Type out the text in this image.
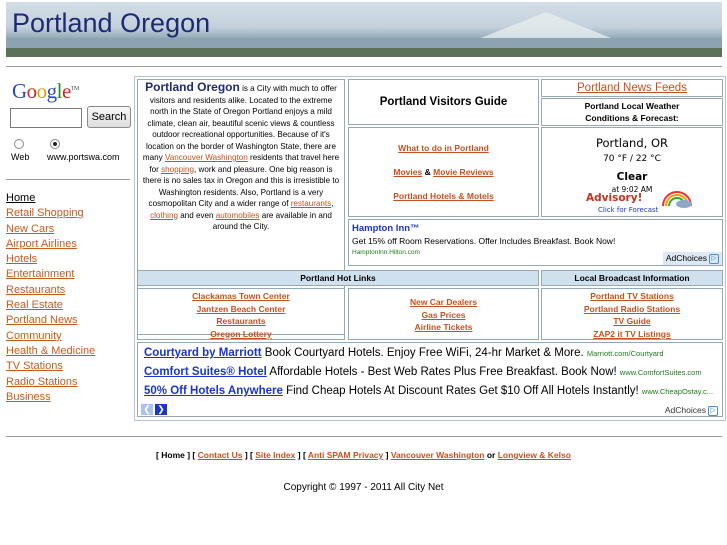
Portland Oregon
Google™
Search
Web www.portswa.com
Home
Retail Shopping
New Cars
Airport Airlines
Hotels
Entertainment
Restaurants
Real Estate
Portland News
Community
Health & Medicine
TV Stations
Radio Stations
Business
Portland Oregon is a City with much to offer visitors and residents alike. Located to the extreme north in the State of Oregon Portland enjoys a mild climate, clean air, beautiful scenic views & countless outdoor recreational opportunities. Because of it's location on the border of Washington State, there are many Vancouver Washington residents that travel here for shopping, work and pleasure. One big reason is there is no sales tax in Oregon and this is irresistible to Washington residents. Also, Portland is a very cosmopolitan City and a wider range of restaurants, clothing and even automobiles are available in and around the City.
Portland Visitors Guide
What to do in Portland
Movies & Movie Reviews
Portland Hotels & Motels
Portland News Feeds
Portland Local Weather
Conditions & Forecast:
Portland, OR
70 °F / 22 °C
Clear
at 9:02 AM
Advisory!
Click for Forecast
Hampton Inn™
Get 15% off Room Reservations. Offer Includes Breakfast. Book Now!
HamptonInn.Hilton.com
AdChoices ▷
Portland Hot Links	Local Broadcast Information
Clackamas Town Center
Jantzen Beach Center
Restaurants
Oregon Lottery
New Car Dealers
Gas Prices
Airline Tickets
Portland TV Stations
Portland Radio Stations
TV Guide
ZAP2 it TV Listings
Courtyard by Marriott Book Courtyard Hotels. Enjoy Free WiFi, 24-hr Market & More. Marriott.com/Courtyard
Comfort Suites® Hotel Affordable Hotels - Best Web Rates Plus Free Breakfast. Book Now! www.ComfortSuites.com
50% Off Hotels Anywhere Find Cheap Hotels At Discount Rates Get $10 Off All Hotels Instantly! www.CheapOstay.c...
❮ ❯	AdChoices ▷
[ Home ] [ Contact Us ] [ Site Index ] [ Anti SPAM Privacy ] Vancouver Washington or Longview & Kelso
Copyright © 1997 - 2011 All City Net
